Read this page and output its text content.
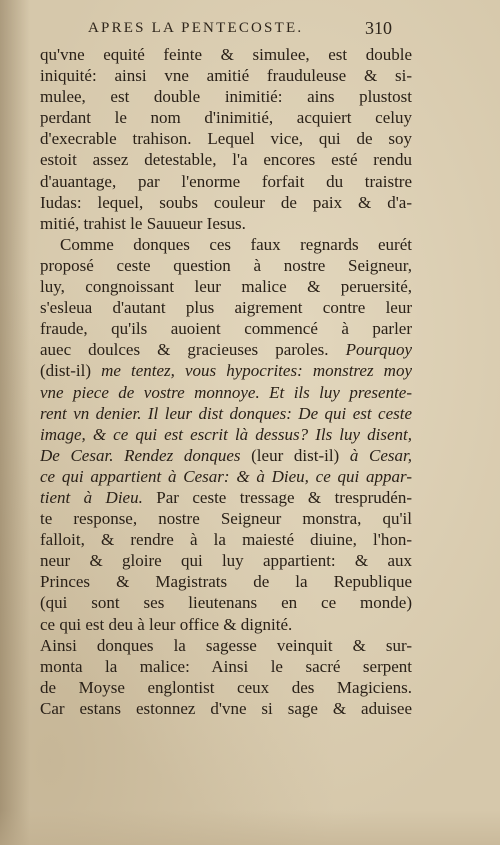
APRES LA PENTECOSTE.	310
qu'vne equité feinte & simulee, est double
iniquité: ainsi vne amitié frauduleuse & si-
mulee, est double inimitié: ains plustost
perdant le nom d'inimitié, acquiert celuy
d'execrable trahison. Lequel vice, qui de soy
estoit assez detestable, l'a encores esté rendu
d'auantage, par l'enorme forfait du traistre
Iudas: lequel, soubs couleur de paix & d'a-
mitié, trahist le Sauueur Iesus.
Comme donques ces faux regnards eurét
proposé ceste question à nostre Seigneur,
luy, congnoissant leur malice & peruersité,
s'esleua d'autant plus aigrement contre leur
fraude, qu'ils auoient commencé à parler
auec doulces & gracieuses paroles. Pourquoy
(dist-il) me tentez, vous hypocrites: monstrez moy
vne piece de vostre monnoye. Et ils luy presente-
rent vn denier. Il leur dist donques: De qui est ceste
image, & ce qui est escrit là dessus? Ils luy disent,
De Cesar. Rendez donques (leur dist-il) à Cesar,
ce qui appartient à Cesar: & à Dieu, ce qui appar-
tient à Dieu. Par ceste tressage & tresprudén-
te response, nostre Seigneur monstra, qu'il
falloit, & rendre à la maiesté diuine, l'hon-
neur & gloire qui luy appartient: & aux
Princes & Magistrats de la Republique
(qui sont ses lieutenans en ce monde)
ce qui est deu à leur office & dignité.
Ainsi donques la sagesse veinquit & sur-
monta la malice: Ainsi le sacré serpent
de Moyse englontist ceux des Magiciens.
Car estans estonnez d'vne si sage & aduisee
